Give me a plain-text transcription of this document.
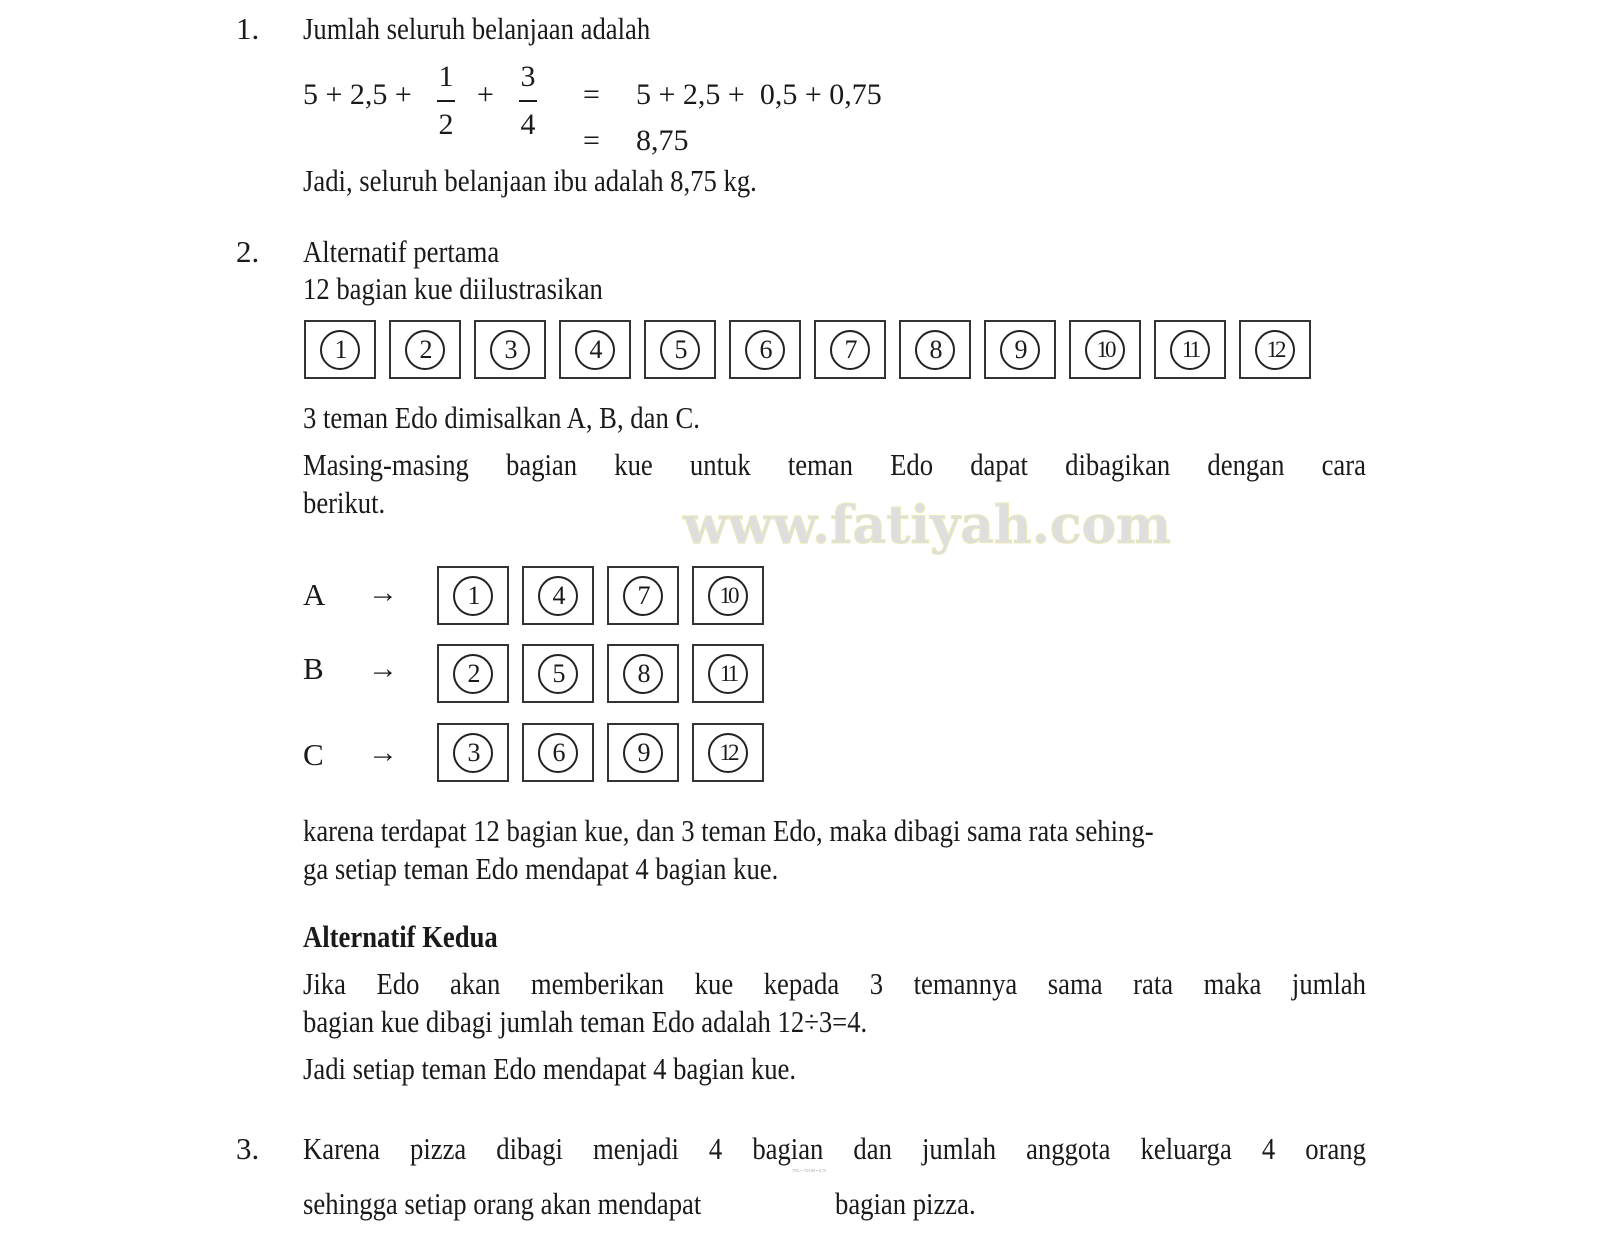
www.fatiyah.com
1. Jumlah seluruh belanjaan adalah
5 + 2,5 +
1
2
+
3
4
= 5 + 2,5 +  0,5 + 0,75
= 8,75
Jadi, seluruh belanjaan ibu adalah 8,75 kg.
2. Alternatif pertama
12 bagian kue diilustrasikan
1	2	3	4	5	6	7	8	9	10	11	12
3 teman Edo dimisalkan A, B, dan C.
Masing-masing bagian kue untuk teman Edo dapat dibagikan dengan cara
berikut.
A →	1	4	7	10
B →	2	5	8	11
C →	3	6	9	12
karena terdapat 12 bagian kue, dan 3 teman Edo, maka dibagi sama rata sehing-
ga setiap teman Edo mendapat 4 bagian kue.
Alternatif Kedua
Jika Edo akan memberikan kue kepada 3 temannya sama rata maka jumlah
bagian kue dibagi jumlah teman Edo adalah 12÷3=4.
Jadi setiap teman Edo mendapat 4 bagian kue.
3. Karena pizza dibagi menjadi 4 bagian dan jumlah anggota keluarga 4 orang
75% = 75/100 = 0,75
sehingga setiap orang akan mendapat	bagian pizza.
